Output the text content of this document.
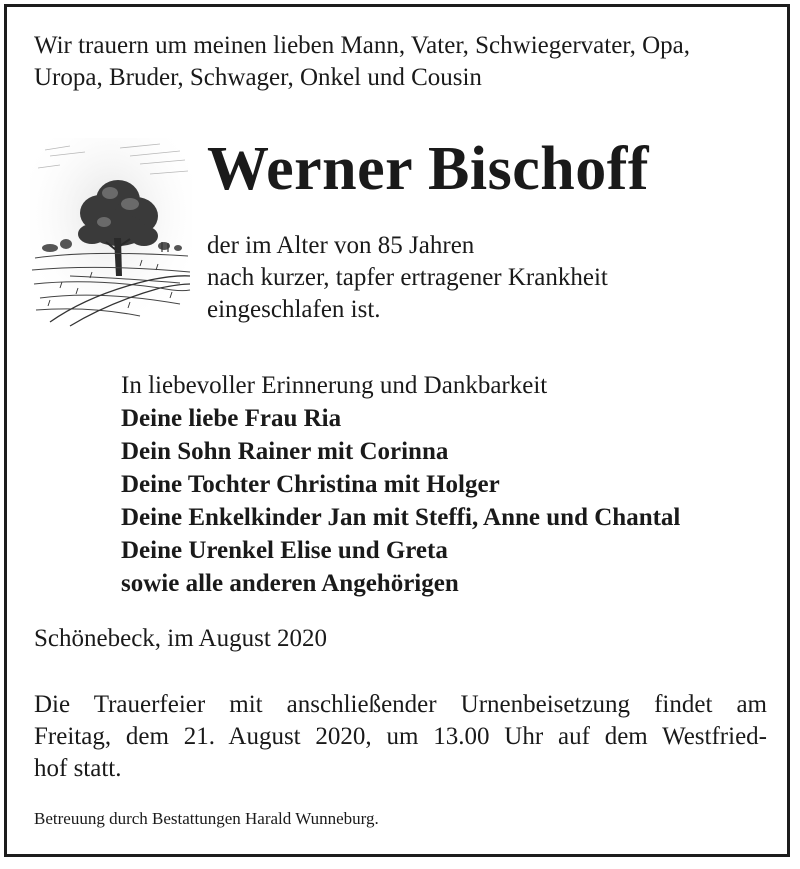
Wir trauern um meinen lieben Mann, Vater, Schwiegervater, Opa,
Uropa, Bruder, Schwager, Onkel und Cousin
Werner Bischoff
der im Alter von 85 Jahren
nach kurzer, tapfer ertragener Krankheit
eingeschlafen ist.
In liebevoller Erinnerung und Dankbarkeit
Deine liebe Frau Ria
Dein Sohn Rainer mit Corinna
Deine Tochter Christina mit Holger
Deine Enkelkinder Jan mit Steffi, Anne und Chantal
Deine Urenkel Elise und Greta
sowie alle anderen Angehörigen
Schönebeck, im August 2020
Die Trauerfeier mit anschließender Urnenbeisetzung findet am
Freitag, dem 21. August 2020, um 13.00 Uhr auf dem Westfried-
hof statt.
Betreuung durch Bestattungen Harald Wunneburg.
